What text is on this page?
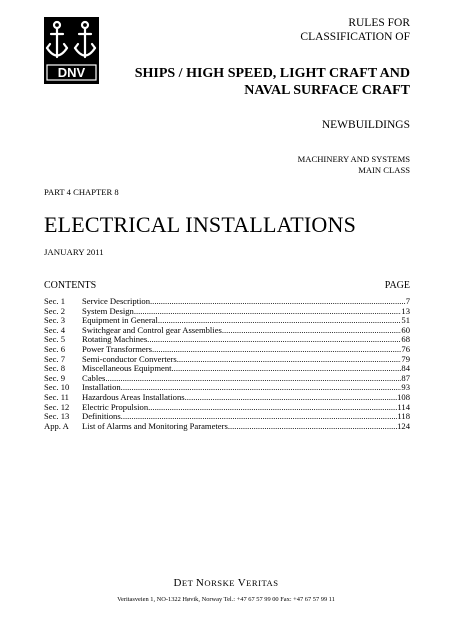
DNV
RULES FOR
CLASSIFICATION OF
SHIPS / HIGH SPEED, LIGHT CRAFT AND
NAVAL SURFACE CRAFT
NEWBUILDINGS
MACHINERY AND SYSTEMS
MAIN CLASS
PART 4 CHAPTER 8
ELECTRICAL INSTALLATIONS
JANUARY 2011
CONTENTS	PAGE
Sec. 1	Service Description .....	7
Sec. 2	System Design .....	13
Sec. 3	Equipment in General .....	51
Sec. 4	Switchgear and Control gear Assemblies .....	60
Sec. 5	Rotating Machines .....	68
Sec. 6	Power Transformers .....	76
Sec. 7	Semi-conductor Converters .....	79
Sec. 8	Miscellaneous Equipment .....	84
Sec. 9	Cables .....	87
Sec. 10	Installation .....	93
Sec. 11	Hazardous Areas Installations .....	108
Sec. 12	Electric Propulsion .....	114
Sec. 13	Definitions .....	118
App. A	List of Alarms and Monitoring Parameters .....	124
DET NORSKE VERITAS
Veritasveien 1, NO-1322 Høvik, Norway Tel.: +47 67 57 99 00 Fax: +47 67 57 99 11
